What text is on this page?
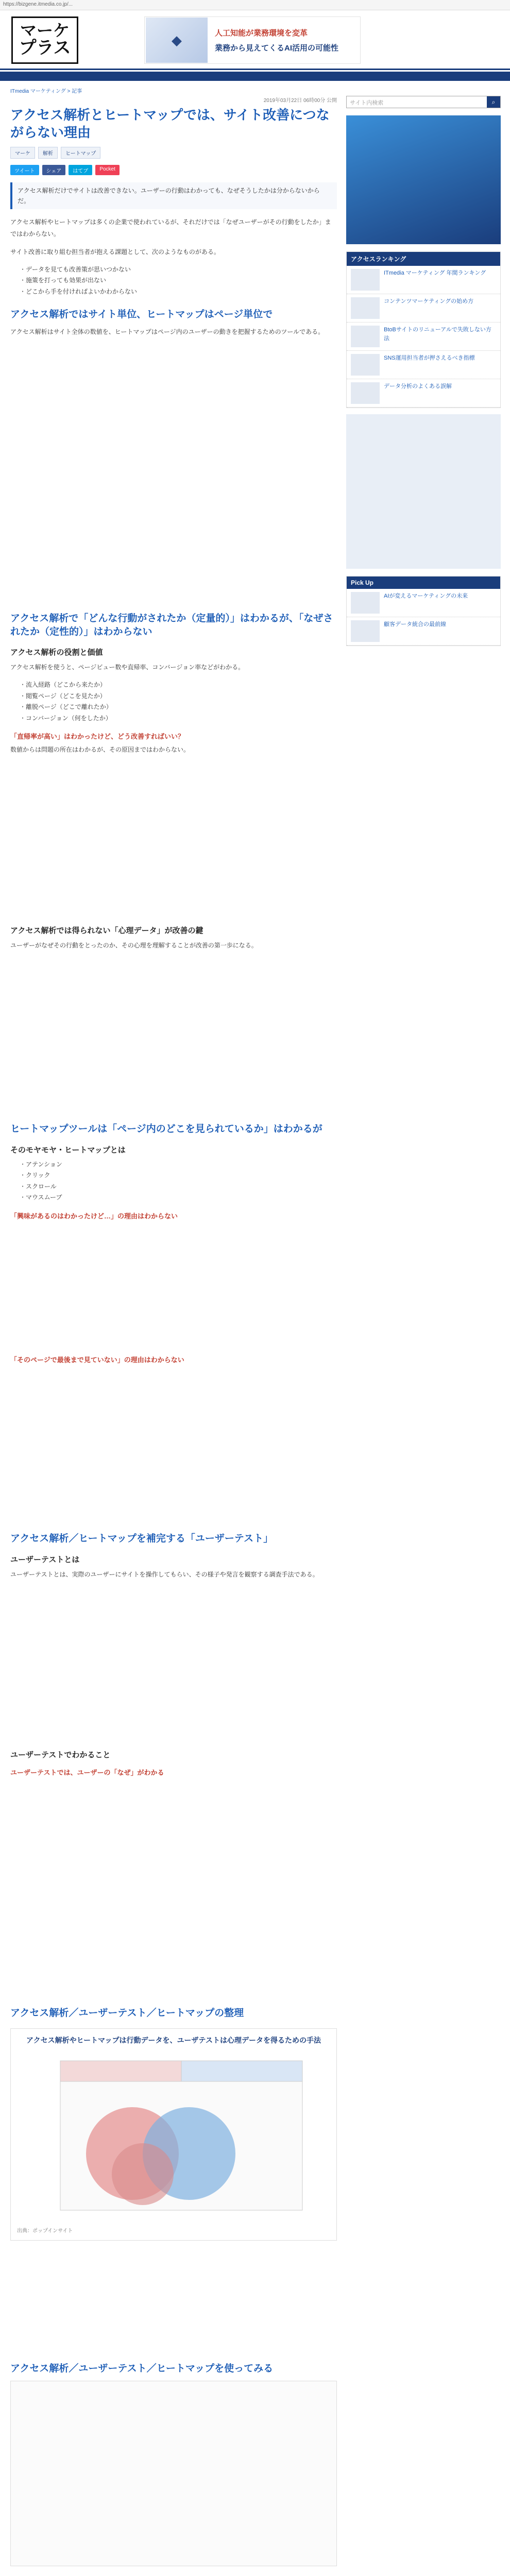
https://bizgene.itmedia.co.jp/...
マーケ
プラス	◆	人工知能が業務環境を変革
業務から見えてくるAI活用の可能性
ITmedia マーケティング > 記事
2019年03月22日 06時00分 公開
アクセス解析とヒートマップでは、サイト改善につながらない理由
マーケ	解析	ヒートマップ
ツイート	シェア	はてブ	Pocket
アクセス解析だけでサイトは改善できない。ユーザーの行動はわかっても、なぜそうしたかは分からないからだ。

アクセス解析やヒートマップは多くの企業で使われているが、それだけでは「なぜユーザーがその行動をしたか」まではわからない。

サイト改善に取り組む担当者が抱える課題として、次のようなものがある。

・ データを見ても改善策が思いつかない
・ 施策を打っても効果が出ない
・ どこから手を付ければよいかわからない
アクセス解析ではサイト単位、ヒートマップはページ単位で

アクセス解析はサイト全体の数値を、ヒートマップはページ内のユーザーの動きを把握するためのツールである。

アクセス解析で「どんな行動がされたか（定量的）」はわかるが、「なぜされたか（定性的）」はわからない
アクセス解析の役割と価値

アクセス解析を使うと、ページビュー数や直帰率、コンバージョン率などがわかる。

・ 流入経路（どこから来たか）
・ 閲覧ページ（どこを見たか）
・ 離脱ページ（どこで離れたか）
・ コンバージョン（何をしたか）
「直帰率が高い」はわかったけど、どう改善すればいい？

数値からは問題の所在はわかるが、その原因まではわからない。

アクセス解析では得られない「心理データ」が改善の鍵

ユーザーがなぜその行動をとったのか、その心理を理解することが改善の第一歩になる。

ヒートマップツールは「ページ内のどこを見られているか」はわかるが
そのモヤモヤ・ヒートマップとは
・ アテンション
・ クリック
・ スクロール
・ マウスムーブ
「興味があるのはわかったけど…」の理由はわからない
「そのページで最後まで見ていない」の理由はわからない
アクセス解析／ヒートマップを補完する「ユーザーテスト」
ユーザーテストとは

ユーザーテストとは、実際のユーザーにサイトを操作してもらい、その様子や発言を観察する調査手法である。

ユーザーテストでわかること
ユーザーテストでは、ユーザーの「なぜ」がわかる
アクセス解析／ユーザーテスト／ヒートマップの整理
アクセス解析やヒートマップは行動データを、ユーザテストは心理データを得るための手法
出典：ポップインサイト
アクセス解析／ユーザーテスト／ヒートマップを使ってみる

サイト内検索	⌕
アクセスランキング
ITmedia マーケティング 年間ランキング
コンテンツマーケティングの始め方
BtoBサイトのリニューアルで失敗しない方法
SNS運用担当者が押さえるべき指標
データ分析のよくある誤解
Pick Up
AIが変えるマーケティングの未来
顧客データ統合の最前線
